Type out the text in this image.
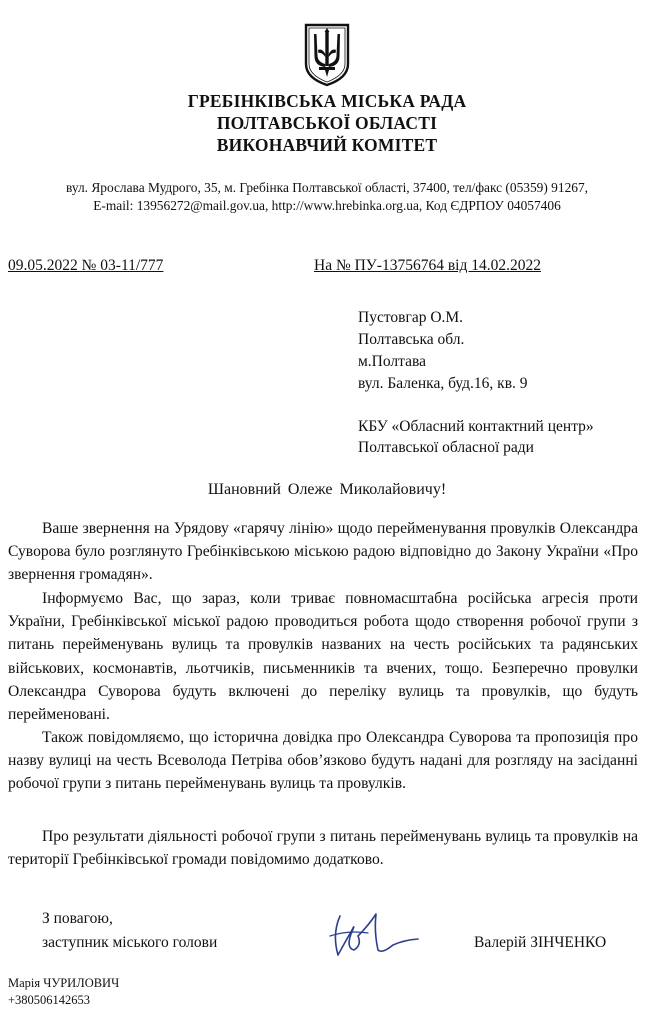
ГРЕБІНКІВСЬКА МІСЬКА РАДА
ПОЛТАВСЬКОЇ ОБЛАСТІ
ВИКОНАВЧИЙ КОМІТЕТ
вул. Ярослава Мудрого, 35, м. Гребінка Полтавської області, 37400, тел/факс (05359) 91267,
E-mail: 13956272@mail.gov.ua, http://www.hrebinka.org.ua, Код ЄДРПОУ 04057406
09.05.2022 № 03-11/777	На № ПУ-13756764 від 14.02.2022
Пустовгар О.М.
Полтавська обл.
м.Полтава
вул. Баленка, буд.16, кв. 9
КБУ «Обласний контактний центр»
Полтавської обласної ради
Шановний Олеже Миколайовичу!
Ваше звернення на Урядову «гарячу лінію» щодо перейменування провулків Олександра Суворова було розглянуто Гребінківською міською радою відповідно до Закону України «Про звернення громадян».
Інформуємо Вас, що зараз, коли триває повномасштабна російська агресія проти України, Гребінківської міської радою проводиться робота щодо створення робочої групи з питань перейменувань вулиць та провулків названих на честь російських та радянських військових, космонавтів, льотчиків, письменників та вчених, тощо. Безперечно провулки Олександра Суворова будуть включені до переліку вулиць та провулків, що будуть перейменовані.
Також повідомляємо, що історична довідка про Олександра Суворова та пропозиція про назву вулиці на честь Всеволода Петріва обов’язково будуть надані для розгляду на засіданні робочої групи з питань перейменувань вулиць та провулків.
Про результати діяльності робочої групи з питань перейменувань вулиць та провулків на території Гребінківської громади повідомимо додатково.
З повагою,
заступник міського голови	Валерій ЗІНЧЕНКО
Марія ЧУРИЛОВИЧ
+380506142653
